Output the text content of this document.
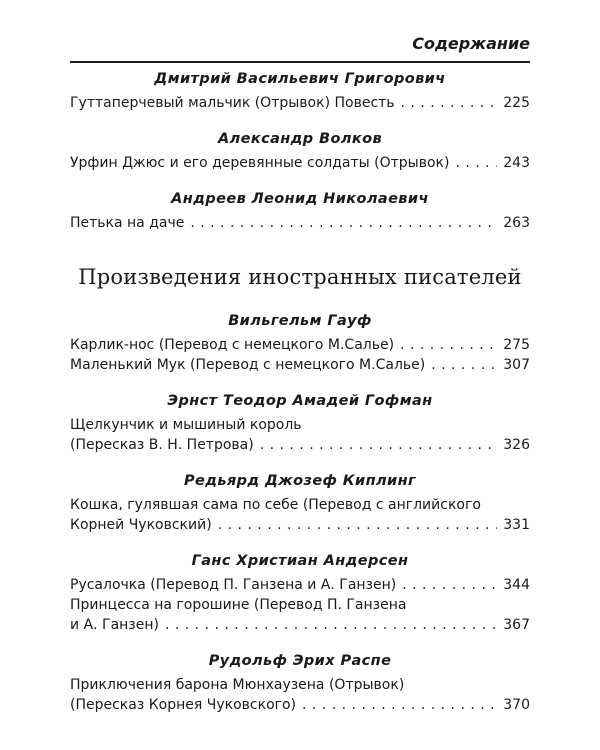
Содержание
Дмитрий Васильевич Григорович
Гуттаперчевый мальчик (Отрывок) Повесть . . .	225
Александр Волков
Урфин Джюс и его деревянные солдаты (Отрывок) . . .	243
Андреев Леонид Николаевич
Петька на даче . . .	263
Произведения иностранных писателей
Вильгельм Гауф
Карлик-нос (Перевод с немецкого М.Салье) . . .	275
Маленький Мук (Перевод с немецкого М.Салье) . . .	307
Эрнст Теодор Амадей Гофман
Щелкунчик и мышиный король
(Пересказ В. Н. Петрова) . . .	326
Редьярд Джозеф Киплинг
Кошка, гулявшая сама по себе (Перевод с английского
Корней Чуковский) . . .	331
Ганс Христиан Андерсен
Русалочка (Перевод П. Ганзена и А. Ганзен) . . .	344
Принцесса на горошине (Перевод П. Ганзена
и А. Ганзен) . . .	367
Рудольф Эрих Распе
Приключения барона Мюнхаузена (Отрывок)
(Пересказ Корнея Чуковского) . . .	370
